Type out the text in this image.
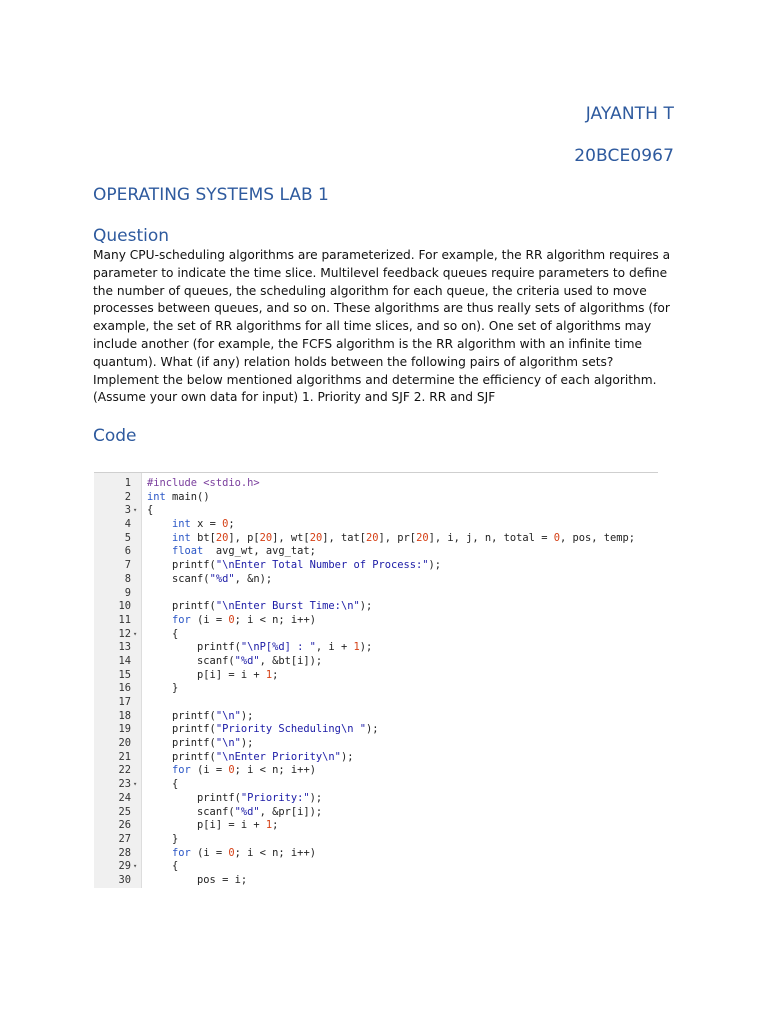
JAYANTH T
20BCE0967
OPERATING SYSTEMS LAB 1
Question
Many CPU-scheduling algorithms are parameterized. For example, the RR algorithm requires a parameter to indicate the time slice. Multilevel feedback queues require parameters to define the number of queues, the scheduling algorithm for each queue, the criteria used to move processes between queues, and so on. These algorithms are thus really sets of algorithms (for example, the set of RR algorithms for all time slices, and so on). One set of algorithms may include another (for example, the FCFS algorithm is the RR algorithm with an infinite time quantum). What (if any) relation holds between the following pairs of algorithm sets? Implement the below mentioned algorithms and determine the efficiency of each algorithm. (Assume your own data for input) 1. Priority and SJF 2. RR and SJF
Code
1 #include <stdio.h>
2 int main()
3 ▾ {
4	int x = 0;
5	int bt[20], p[20], wt[20], tat[20], pr[20], i, j, n, total = 0, pos, temp;
6	float  avg_wt, avg_tat;
7 printf("\nEnter Total Number of Process:");
8 scanf("%d", &n);
9
10 printf("\nEnter Burst Time:\n");
11	for (i = 0; i < n; i++)
12 ▾ {
13 printf("\nP[%d] : ", i + 1);
14 scanf("%d", &bt[i]);
15 p[i] = i + 1;
16 }
17
18 printf("\n");
19 printf("Priority Scheduling\n ");
20 printf("\n");
21 printf("\nEnter Priority\n");
22	for (i = 0; i < n; i++)
23 ▾ {
24 printf("Priority:");
25 scanf("%d", &pr[i]);
26 p[i] = i + 1;
27 }
28	for (i = 0; i < n; i++)
29 ▾ {
30 pos = i;
